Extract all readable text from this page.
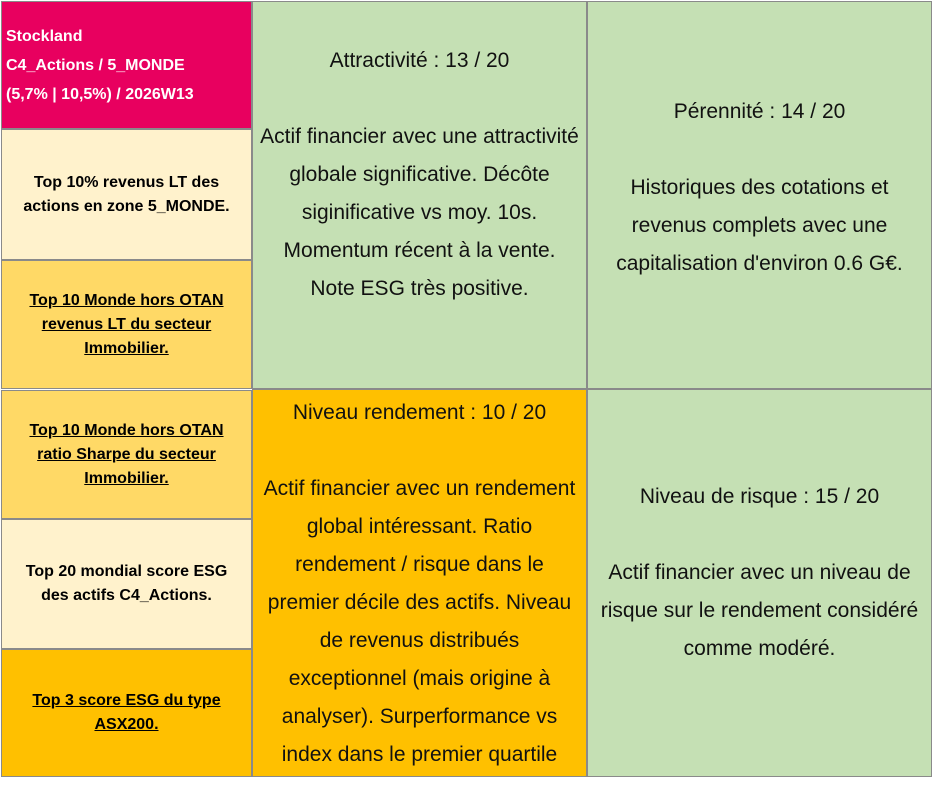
Stockland
C4_Actions / 5_MONDE
(5,7% | 10,5%) / 2026W13
Top 10% revenus LT des actions en zone 5_MONDE.
Top 10 Monde hors OTAN revenus LT du secteur Immobilier.
Top 10 Monde hors OTAN ratio Sharpe du secteur Immobilier.
Top 20 mondial score ESG des actifs C4_Actions.
Top 3 score ESG du type ASX200.
Attractivité : 13 / 20
Actif financier avec une attractivité globale significative. Décôte siginificative vs moy. 10s. Momentum récent à la vente. Note ESG très positive.
Pérennité : 14 / 20
Historiques des cotations et revenus complets avec une capitalisation d'environ 0.6 G€.
Niveau rendement : 10 / 20
Actif financier avec un rendement global intéressant. Ratio rendement / risque dans le premier décile des actifs. Niveau de revenus distribués exceptionnel (mais origine à analyser). Surperformance vs index dans le premier quartile
Niveau de risque : 15 / 20
Actif financier avec un niveau de risque sur le rendement considéré comme modéré.
